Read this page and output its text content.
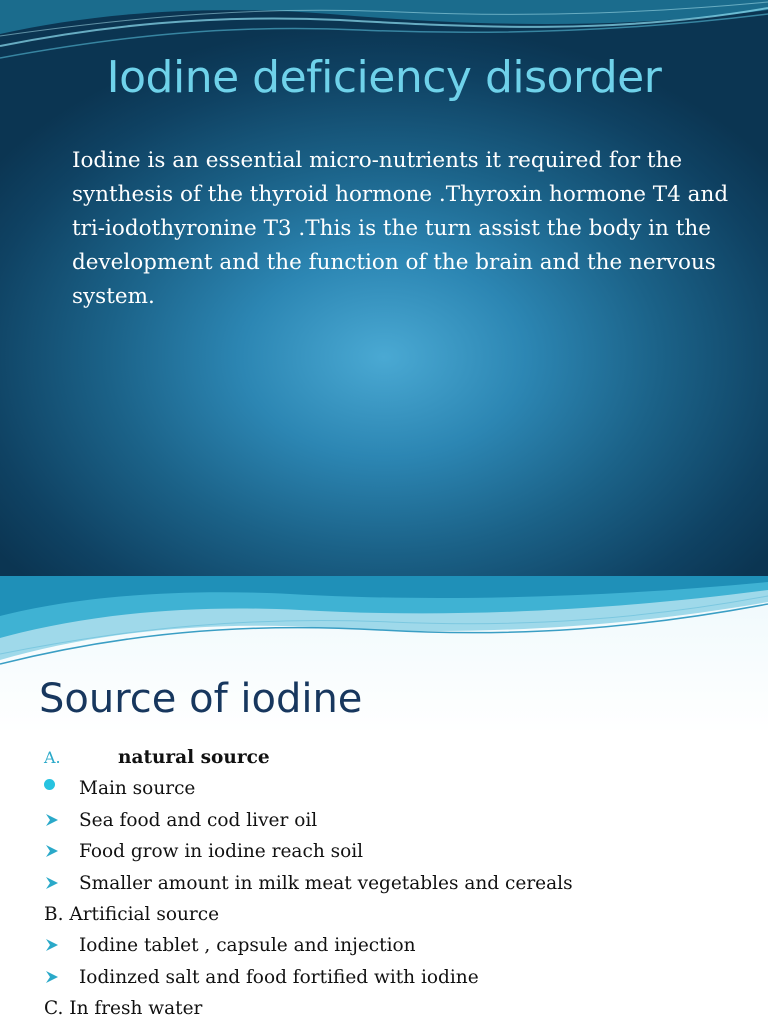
Iodine deficiency disorder

Iodine is an essential micro-nutrients it required for the synthesis of the thyroid hormone .Thyroxin hormone T4 and tri-iodothyronine T3 .This is the turn assist the body in the development and the function of the brain and the nervous system.

Source of iodine
A.	natural source
Main source
Sea food and cod liver oil
Food grow in iodine reach soil
Smaller amount in milk meat vegetables and cereals
B. Artificial source
Iodine tablet , capsule and injection
Iodinzed salt and food fortified with iodine
C. In fresh water
